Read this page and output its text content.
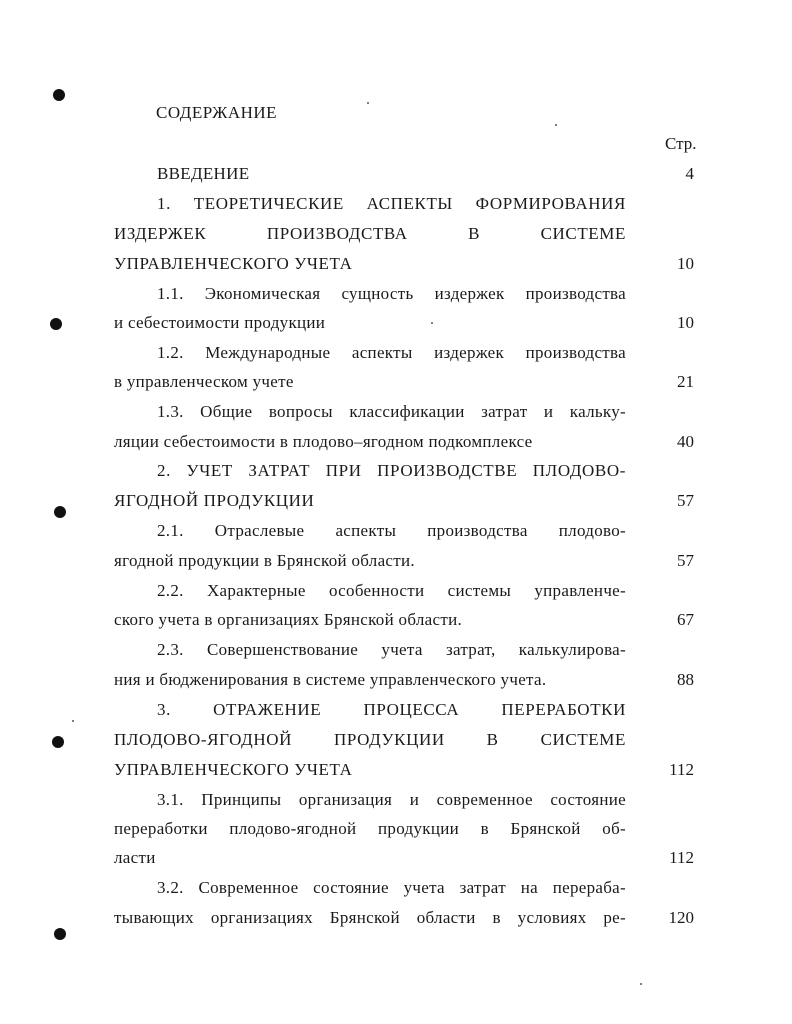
СОДЕРЖАНИЕ
Стр.
ВВЕДЕНИЕ	4
1. ТЕОРЕТИЧЕСКИЕ АСПЕКТЫ ФОРМИРОВАНИЯ
ИЗДЕРЖЕК ПРОИЗВОДСТВА В СИСТЕМЕ
УПРАВЛЕНЧЕСКОГО УЧЕТА	10
1.1. Экономическая сущность издержек производства
и себестоимости продукции	10
1.2. Международные аспекты издержек производства
в управленческом учете	21
1.3. Общие вопросы классификации затрат и кальку-
ляции себестоимости в плодово–ягодном подкомплексе	40
2. УЧЕТ ЗАТРАТ ПРИ ПРОИЗВОДСТВЕ ПЛОДОВО-
ЯГОДНОЙ ПРОДУКЦИИ	57
2.1. Отраслевые аспекты производства плодово-
ягодной продукции в Брянской области.	57
2.2. Характерные особенности системы управленче-
ского учета в организациях Брянской области.	67
2.3. Совершенствование учета затрат, калькулирова-
ния и бюдженирования в системе управленческого учета.	88
3. ОТРАЖЕНИЕ ПРОЦЕССА ПЕРЕРАБОТКИ
ПЛОДОВО-ЯГОДНОЙ ПРОДУКЦИИ В СИСТЕМЕ
УПРАВЛЕНЧЕСКОГО УЧЕТА	112
3.1. Принципы организация и современное состояние
переработки плодово-ягодной продукции в Брянской об-
ласти	112
3.2. Современное состояние учета затрат на перераба-
тывающих организациях Брянской области в условиях ре-	120
